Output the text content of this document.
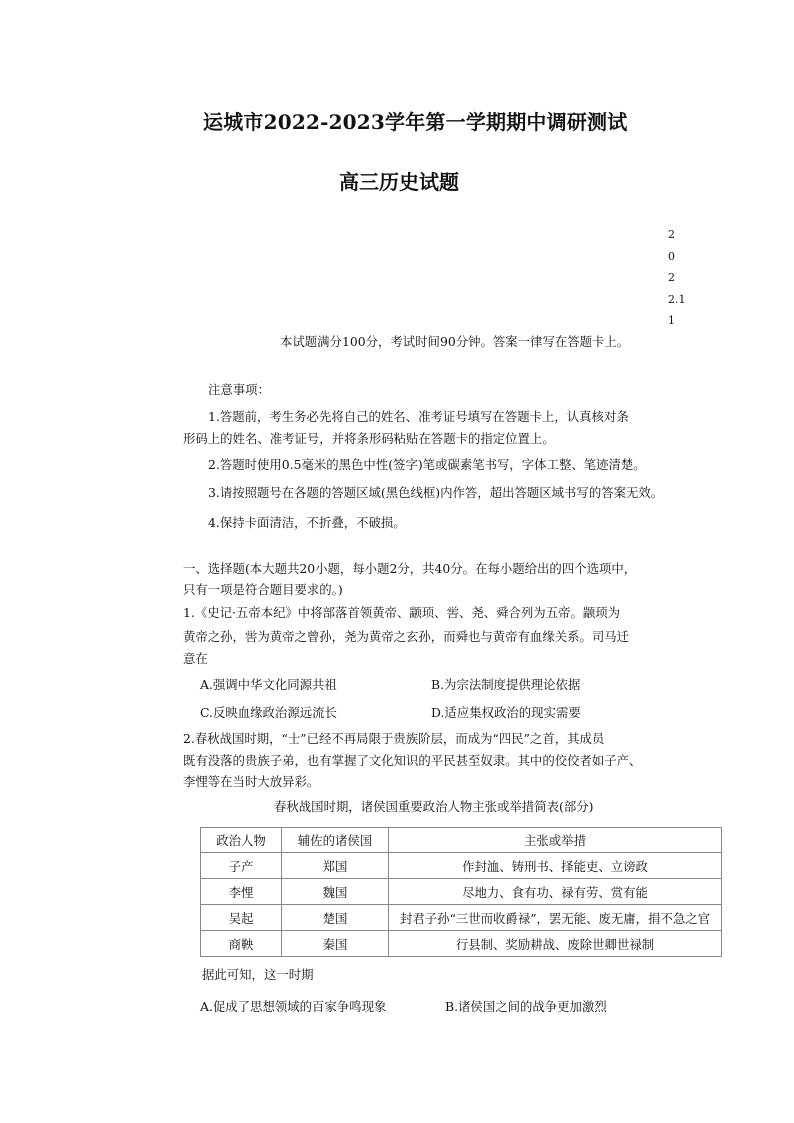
运城市2022-2023学年第一学期期中调研测试
高三历史试题
2
0
2
2.1
1
本试题满分100分，考试时间90分钟。答案一律写在答题卡上。
注意事项：
1.答题前，考生务必先将自己的姓名、准考证号填写在答题卡上，认真核对条
形码上的姓名、准考证号，并将条形码粘贴在答题卡的指定位置上。
2.答题时使用0.5毫米的黑色中性(签字)笔或碳素笔书写，字体工整、笔迹清楚。
3.请按照题号在各题的答题区域(黑色线框)内作答，超出答题区域书写的答案无效。
4.保持卡面清洁，不折叠，不破损。
一、选择题(本大题共20小题，每小题2分，共40分。在每小题给出的四个选项中，
只有一项是符合题目要求的。)
1.《史记·五帝本纪》中将部落首领黄帝、颛顼、喾、尧、舜合列为五帝。颛顼为
黄帝之孙，喾为黄帝之曾孙，尧为黄帝之玄孙，而舜也与黄帝有血缘关系。司马迁
意在
A.强调中华文化同源共祖	B.为宗法制度提供理论依据
C.反映血缘政治源远流长	D.适应集权政治的现实需要
2.春秋战国时期，“士”已经不再局限于贵族阶层，而成为“四民”之首，其成员
既有没落的贵族子弟，也有掌握了文化知识的平民甚至奴隶。其中的佼佼者如子产、
李悝等在当时大放异彩。
春秋战国时期，诸侯国重要政治人物主张或举措简表(部分)
政治人物	辅佐的诸侯国	主张或举措
子产	郑国	作封洫、铸刑书、择能吏、立谤政
李悝	魏国	尽地力、食有功、禄有劳、赏有能
吴起	楚国	封君子孙“三世而收爵禄”，罢无能、废无庸，捐不急之官
商鞅	秦国	行县制、奖励耕战、废除世卿世禄制
据此可知，这一时期
A.促成了思想领域的百家争鸣现象	B.诸侯国之间的战争更加激烈
